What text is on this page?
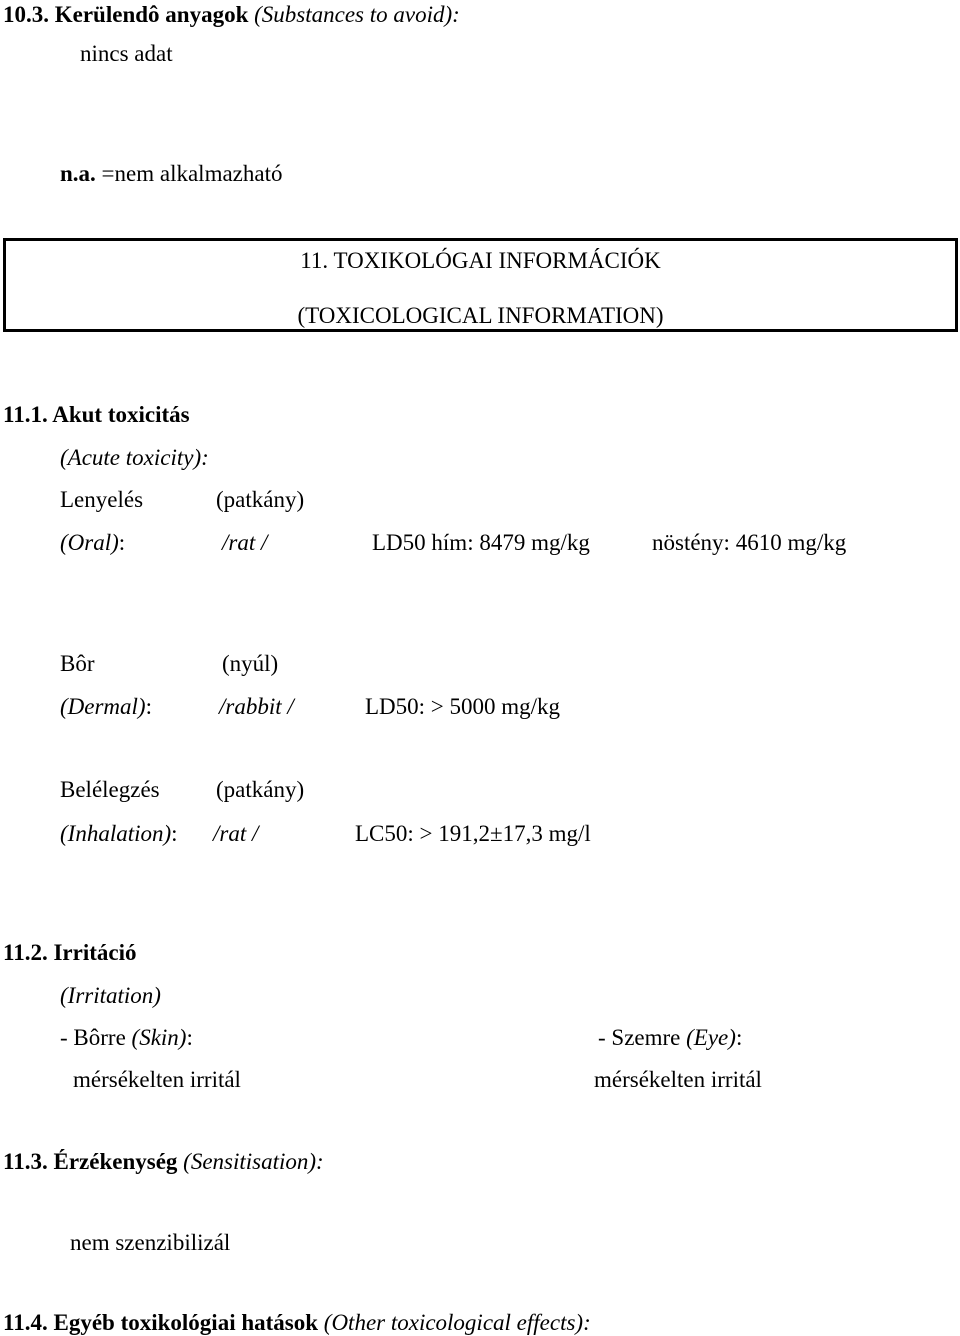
10.3. Kerülendô anyagok (Substances to avoid):
nincs adat
n.a. =nem alkalmazható
11. TOXIKOLÓGAI INFORMÁCIÓK
(TOXICOLOGICAL INFORMATION)
11.1. Akut toxicitás
(Acute toxicity):
Lenyelés	(patkány)
(Oral):	/rat /	LD50 hím: 8479 mg/kg	nöstény: 4610 mg/kg
Bôr	(nyúl)
(Dermal):	/rabbit /	LD50: > 5000 mg/kg
Belélegzés (patkány)
(Inhalation): /rat /	LC50: > 191,2±17,3 mg/l
11.2. Irritáció
(Irritation)
- Bôrre (Skin):	- Szemre (Eye):
mérsékelten irritál	mérsékelten irritál
11.3. Érzékenység (Sensitisation):
nem szenzibilizál
11.4. Egyéb toxikológiai hatások (Other toxicological effects):
